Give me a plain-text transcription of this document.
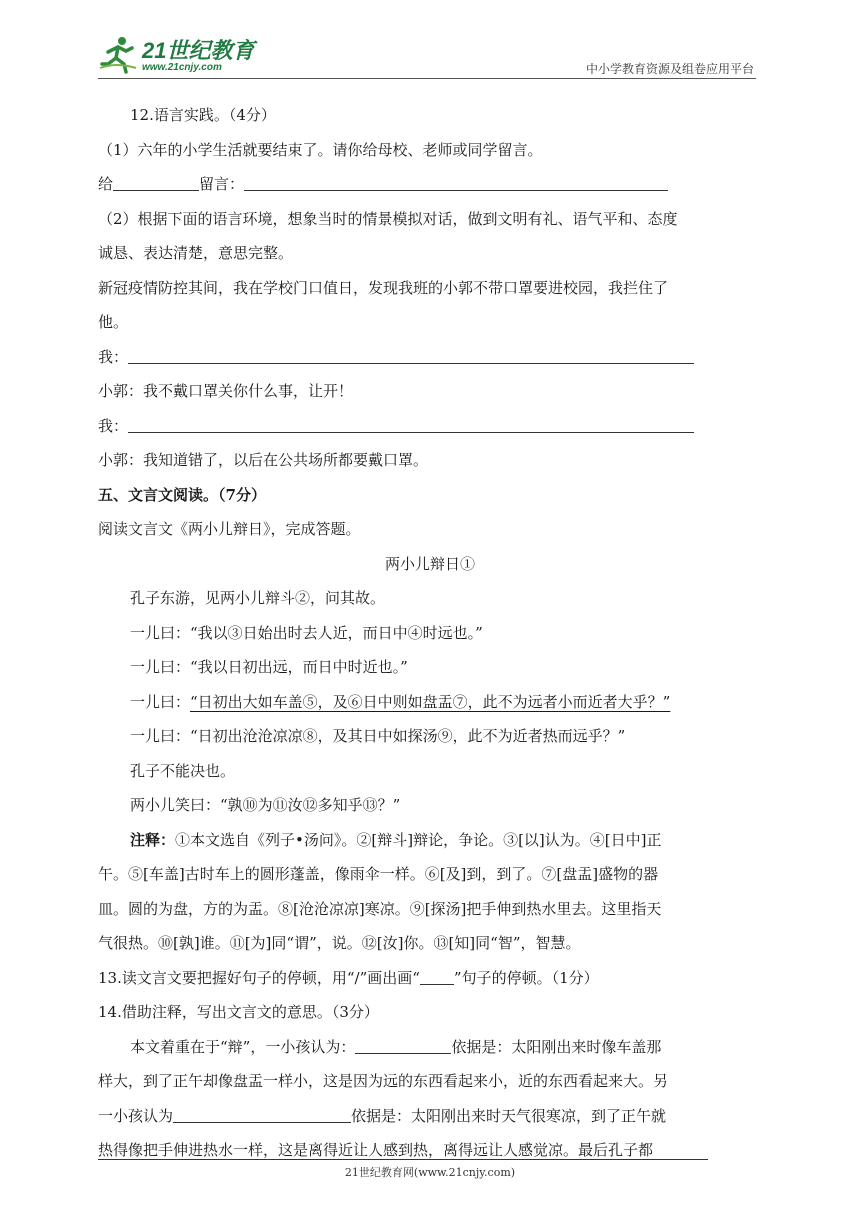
21世纪教育
www.21cnjy.com	中小学教育资源及组卷应用平台
12.语言实践。（4分）
（1）六年的小学生活就要结束了。请你给母校、老师或同学留言。
给	留言：
（2）根据下面的语言环境，想象当时的情景模拟对话，做到文明有礼、语气平和、态度
诚恳、表达清楚，意思完整。
新冠疫情防控其间，我在学校门口值日，发现我班的小郭不带口罩要进校园，我拦住了
他。
我：
小郭：我不戴口罩关你什么事，让开！
我：
小郭：我知道错了，以后在公共场所都要戴口罩。
五、文言文阅读。（7分）
阅读文言文《两小儿辩日》，完成答题。
两小儿辩日①
孔子东游，见两小儿辩斗②，问其故。
一儿曰：“我以③日始出时去人近，而日中④时远也。”
一儿曰：“我以日初出远，而日中时近也。”
一儿曰：“日初出大如车盖⑤，及⑥日中则如盘盂⑦，此不为远者小而近者大乎？”
一儿曰：“日初出沧沧凉凉⑧，及其日中如探汤⑨，此不为近者热而远乎？”
孔子不能决也。
两小儿笑曰：“孰⑩为⑪汝⑫多知乎⑬？”
注释：①本文选自《列子•汤问》。②[辩斗]辩论，争论。③[以]认为。④[日中]正
午。⑤[车盖]古时车上的圆形蓬盖，像雨伞一样。⑥[及]到，到了。⑦[盘盂]盛物的器
皿。圆的为盘，方的为盂。⑧[沧沧凉凉]寒凉。⑨[探汤]把手伸到热水里去。这里指天
气很热。⑩[孰]谁。⑪[为]同“谓”，说。⑫[汝]你。⑬[知]同“智”，智慧。
13.读文言文要把握好句子的停顿，用“/”画出画“ ”句子的停顿。（1分）
14.借助注释，写出文言文的意思。（3分）
本文着重在于“辩”，一小孩认为：	依据是：太阳刚出来时像车盖那
样大，到了正午却像盘盂一样小，这是因为远的东西看起来小，近的东西看起来大。另
一小孩认为	依据是：太阳刚出来时天气很寒凉，到了正午就
热得像把手伸进热水一样，这是离得近让人感到热，离得远让人感觉凉。最后孔子都
21世纪教育网(www.21cnjy.com)
